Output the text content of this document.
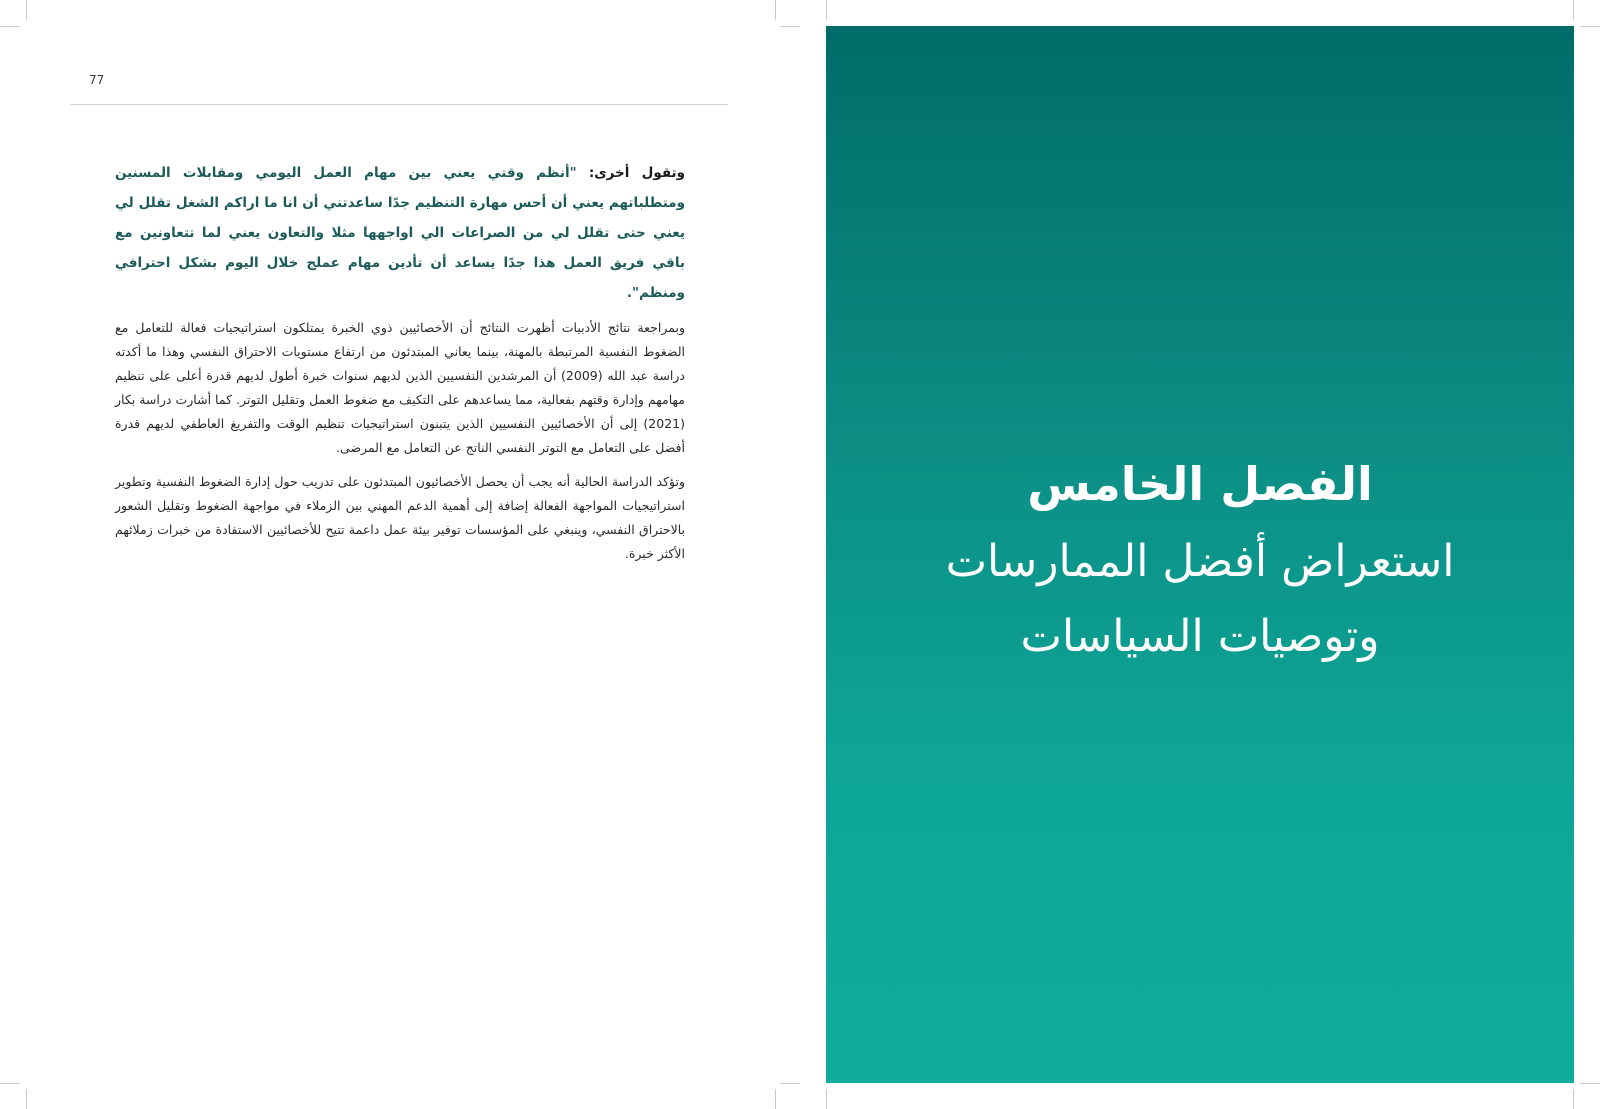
77

وتقول أخرى: "أنظم وقتي يعني بين مهام العمل اليومي ومقابلات المسنين ومتطلباتهم يعني أن أحس مهارة التنظيم جدًا ساعدتني أن انا ما اراكم الشغل تقلل لي يعني حتى تقلل لي من الصراعات الي اواجهها مثلا والتعاون يعني لما تتعاونين مع باقي فريق العمل هذا جدًا يساعد أن تأدين مهام عملج خلال اليوم بشكل احترافي ومنظم".

وبمراجعة نتائج الأدبيات أظهرت النتائج أن الأخصائيين ذوي الخبرة يمتلكون استراتيجيات فعالة للتعامل مع الضغوط النفسية المرتبطة بالمهنة، بينما يعاني المبتدئون من ارتفاع مستويات الاحتراق النفسي وهذا ما أكدته دراسة عبد الله (2009) أن المرشدين النفسيين الذين لديهم سنوات خبرة أطول لديهم قدرة أعلى على تنظيم مهامهم وإدارة وقتهم بفعالية، مما يساعدهم على التكيف مع ضغوط العمل وتقليل التوتر. كما أشارت دراسة بكار (2021) إلى أن الأخصائيين النفسيين الذين يتبنون استراتيجيات تنظيم الوقت والتفريغ العاطفي لديهم قدرة أفضل على التعامل مع التوتر النفسي الناتج عن التعامل مع المرضى.

وتؤكد الدراسة الحالية أنه يجب أن يحصل الأخصائيون المبتدئون على تدريب حول إدارة الضغوط النفسية وتطوير استراتيجيات المواجهة الفعالة إضافة إلى أهمية الدعم المهني بين الزملاء في مواجهة الضغوط وتقليل الشعور بالاحتراق النفسي، وينبغي على المؤسسات توفير بيئة عمل داعمة تتيح للأخصائيين الاستفادة من خبرات زملائهم الأكثر خبرة.

الفصل الخامس
استعراض أفضل الممارسات
وتوصيات السياسات
